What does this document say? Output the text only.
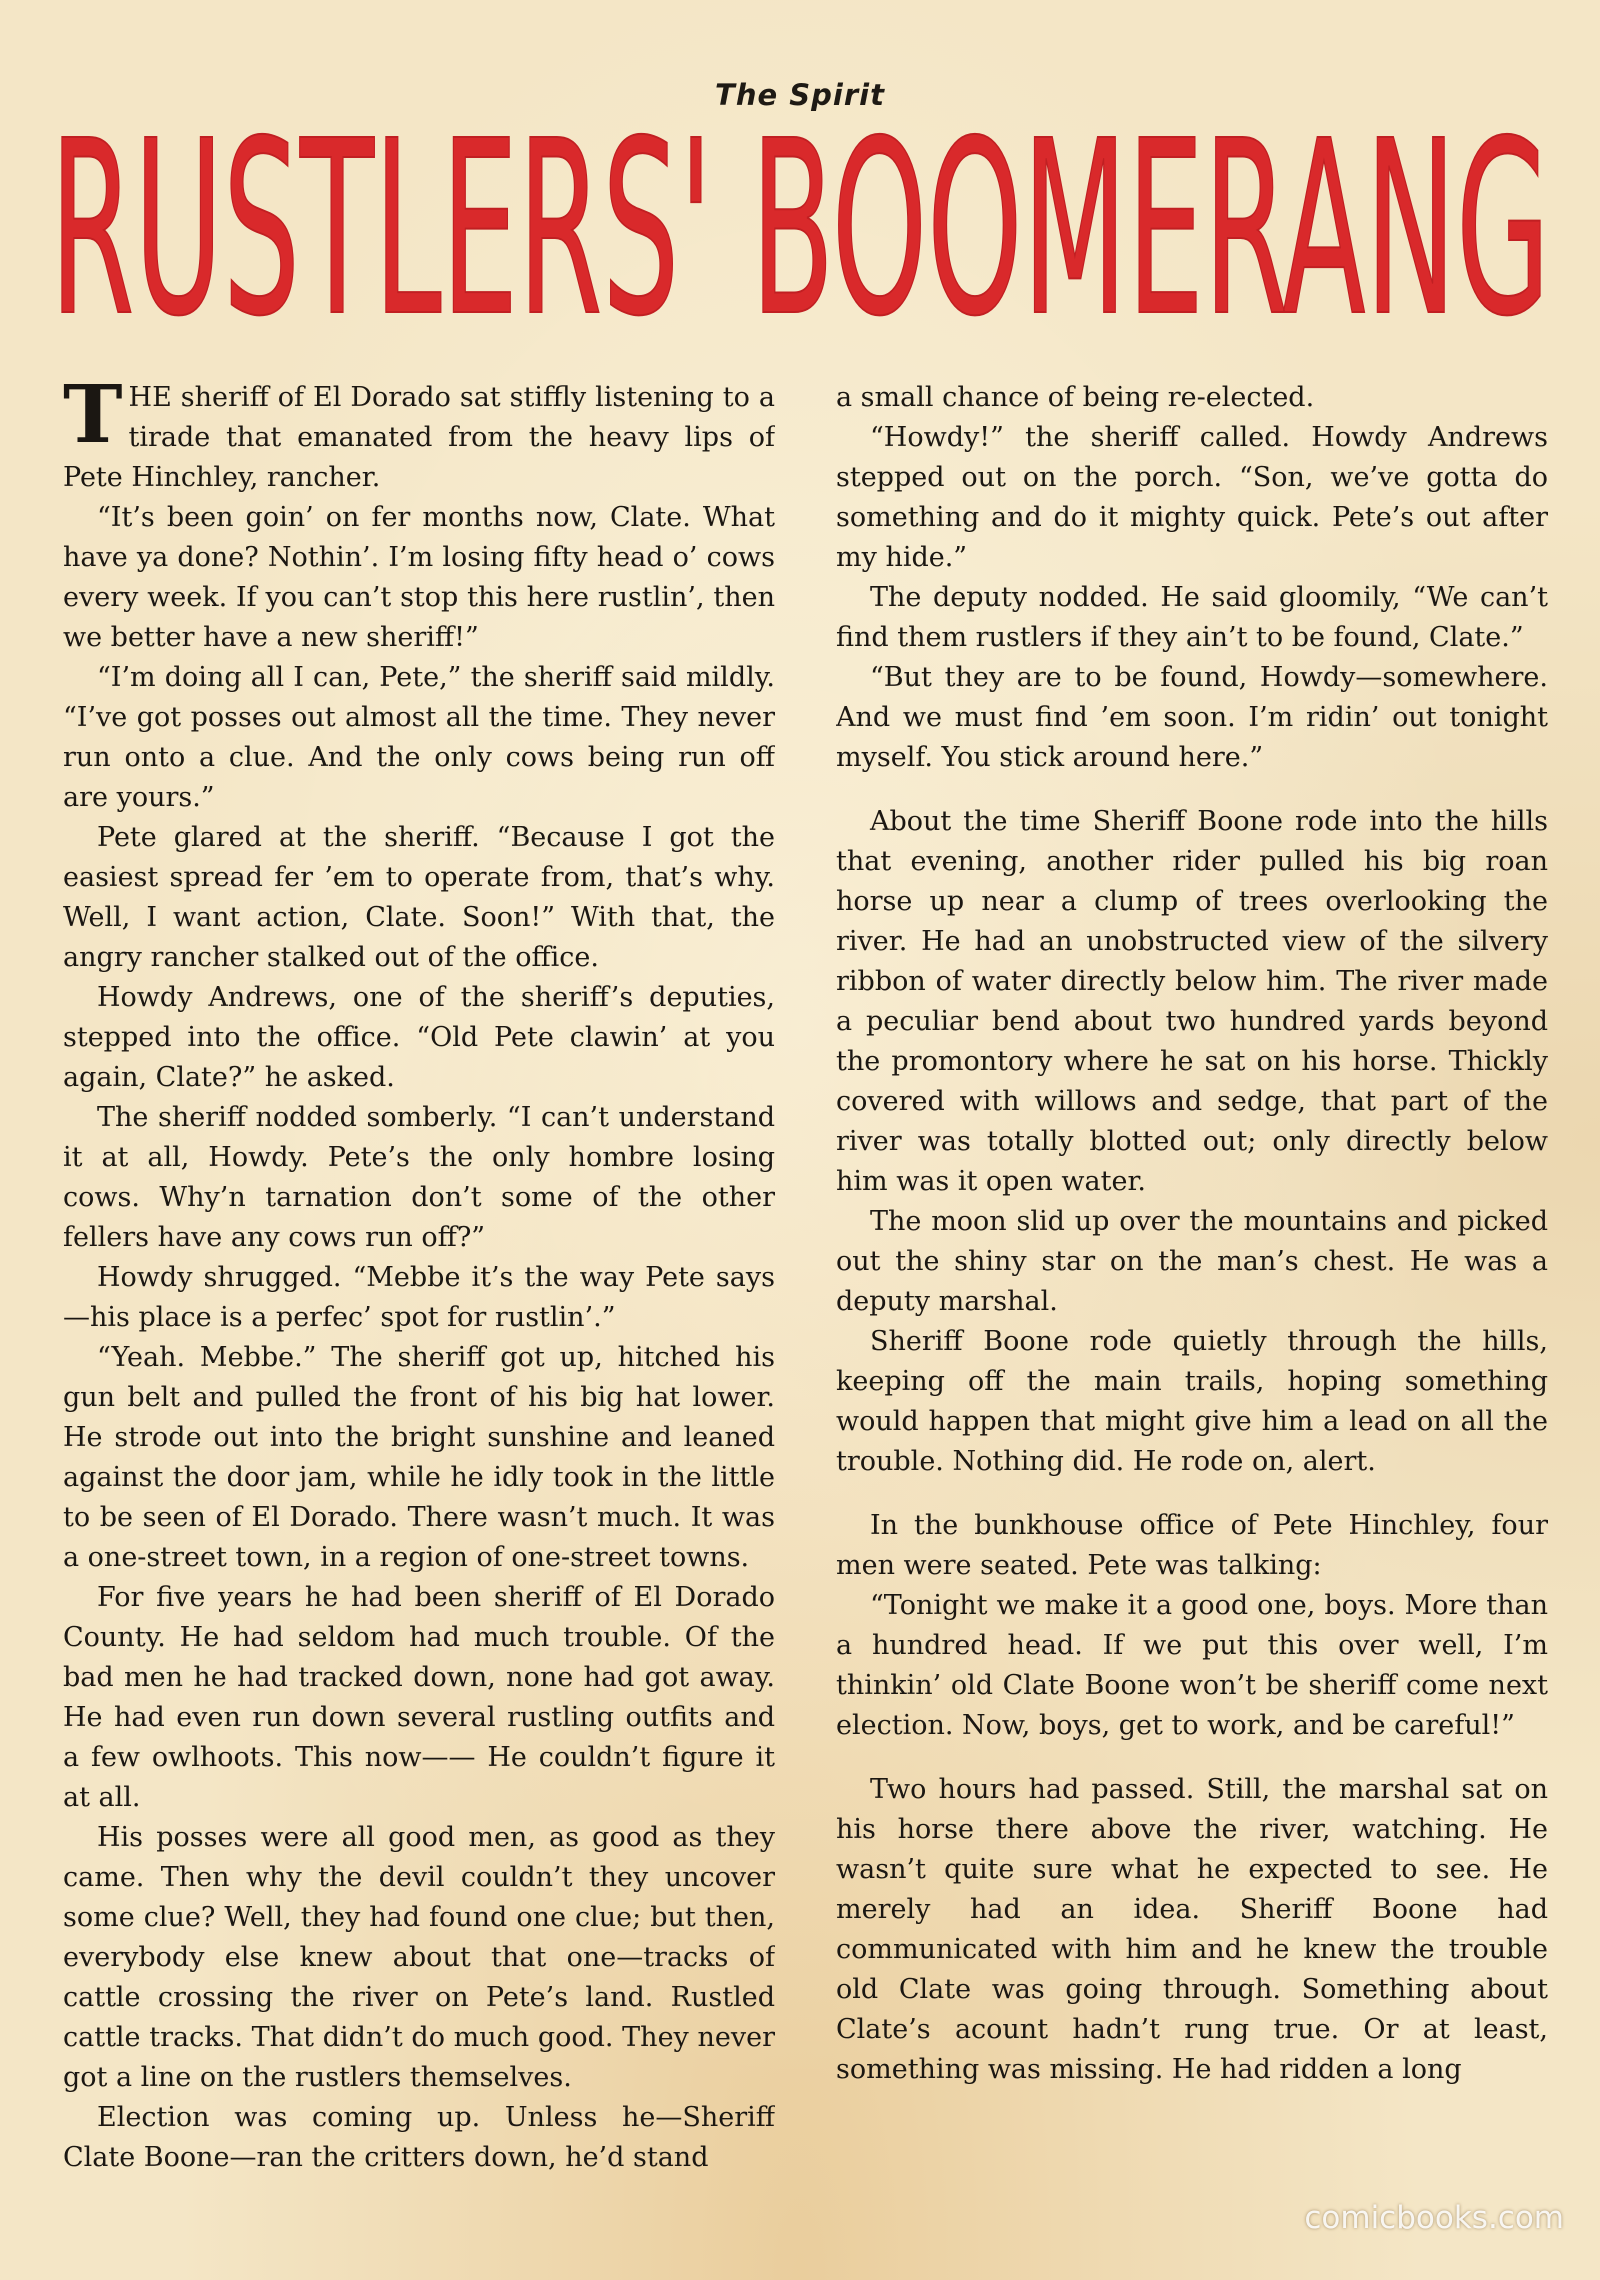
The Spirit
RUSTLERS' BOOMERANG

THE sheriff of El Dorado sat stiffly listening to a tirade that emanated from the heavy lips of Pete Hinchley, rancher.

“It’s been goin’ on fer months now, Clate. What have ya done? Nothin’. I’m losing fifty head o’ cows every week. If you can’t stop this here rustlin’, then we better have a new sheriff!”

“I’m doing all I can, Pete,” the sheriff said mildly. “I’ve got posses out almost all the time. They never run onto a clue. And the only cows being run off are yours.”

Pete glared at the sheriff. “Because I got the easiest spread fer ’em to operate from, that’s why. Well, I want action, Clate. Soon!” With that, the angry rancher stalked out of the office.

Howdy Andrews, one of the sheriff’s deputies, stepped into the office. “Old Pete clawin’ at you again, Clate?” he asked.

The sheriff nodded somberly. “I can’t understand it at all, Howdy. Pete’s the only hombre losing cows. Why’n tarnation don’t some of the other fellers have any cows run off?”

Howdy shrugged. “Mebbe it’s the way Pete says—his place is a perfec’ spot for rustlin’.”

“Yeah. Mebbe.” The sheriff got up, hitched his gun belt and pulled the front of his big hat lower. He strode out into the bright sunshine and leaned against the door jam, while he idly took in the little to be seen of El Dorado. There wasn’t much. It was a one-street town, in a region of one-street towns.

For five years he had been sheriff of El Dorado County. He had seldom had much trouble. Of the bad men he had tracked down, none had got away. He had even run down several rustling outfits and a few owlhoots. This now—— He couldn’t figure it at all.

His posses were all good men, as good as they came. Then why the devil couldn’t they uncover some clue? Well, they had found one clue; but then, everybody else knew about that one—tracks of cattle crossing the river on Pete’s land. Rustled cattle tracks. That didn’t do much good. They never got a line on the rustlers themselves.

Election was coming up. Unless he—Sheriff Clate Boone—ran the critters down, he’d stand

a small chance of being re-elected.

“Howdy!” the sheriff called. Howdy Andrews stepped out on the porch. “Son, we’ve gotta do something and do it mighty quick. Pete’s out after my hide.”

The deputy nodded. He said gloomily, “We can’t find them rustlers if they ain’t to be found, Clate.”

“But they are to be found, Howdy—somewhere. And we must find ’em soon. I’m ridin’ out tonight myself. You stick around here.”

About the time Sheriff Boone rode into the hills that evening, another rider pulled his big roan horse up near a clump of trees overlooking the river. He had an unobstructed view of the silvery ribbon of water directly below him. The river made a peculiar bend about two hundred yards beyond the promontory where he sat on his horse. Thickly covered with willows and sedge, that part of the river was totally blotted out; only directly below him was it open water.

The moon slid up over the mountains and picked out the shiny star on the man’s chest. He was a deputy marshal.

Sheriff Boone rode quietly through the hills, keeping off the main trails, hoping something would happen that might give him a lead on all the trouble. Nothing did. He rode on, alert.

In the bunkhouse office of Pete Hinchley, four men were seated. Pete was talking:

“Tonight we make it a good one, boys. More than a hundred head. If we put this over well, I’m thinkin’ old Clate Boone won’t be sheriff come next election. Now, boys, get to work, and be careful!”

Two hours had passed. Still, the marshal sat on his horse there above the river, watching. He wasn’t quite sure what he expected to see. He merely had an idea. Sheriff Boone had communicated with him and he knew the trouble old Clate was going through. Something about Clate’s acount hadn’t rung true. Or at least, something was missing. He had ridden a long

comicbooks.com
